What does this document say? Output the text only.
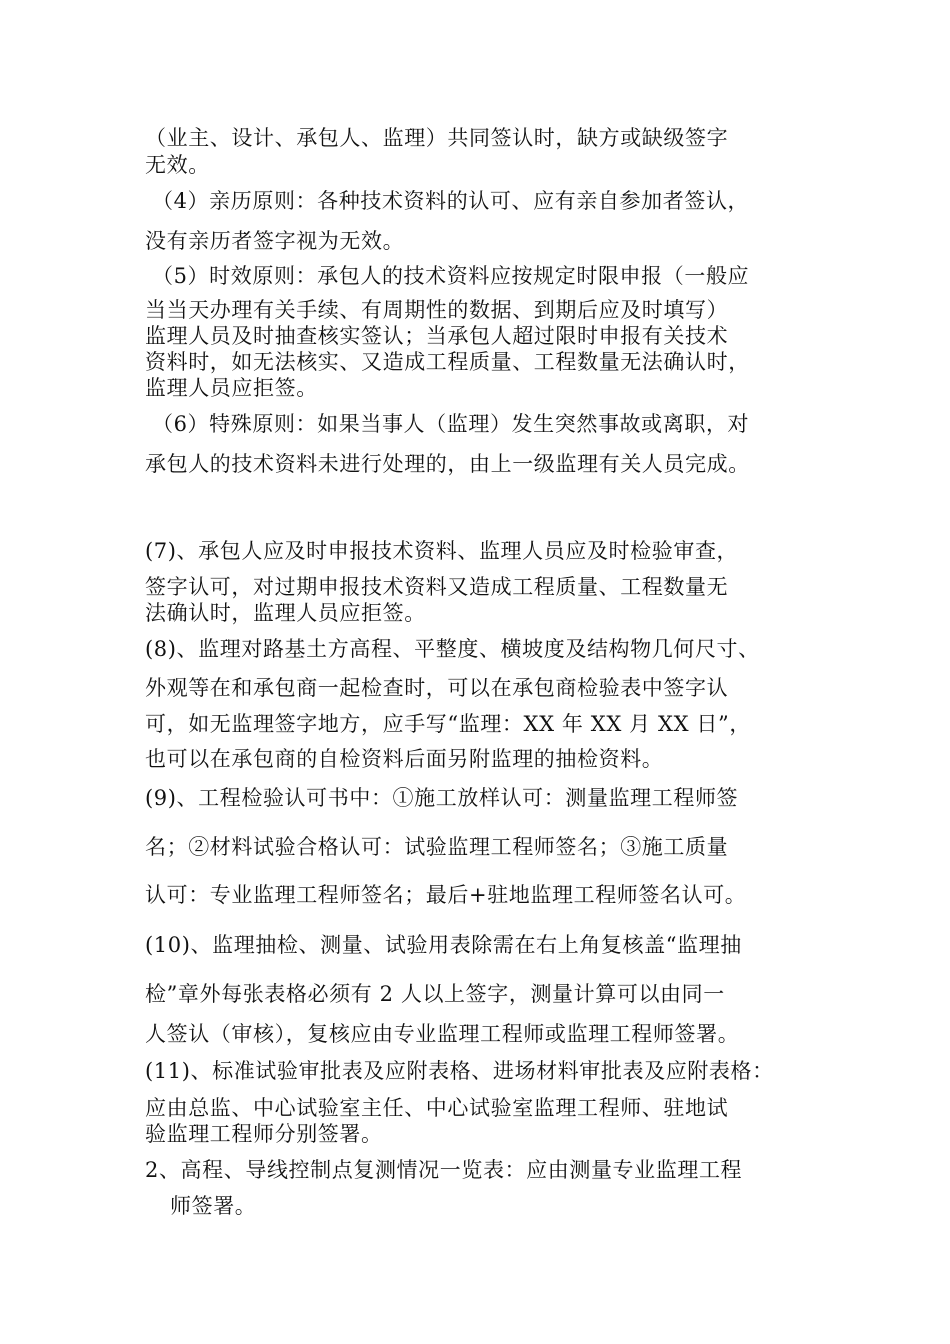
（业主、设计、承包人、监理）共同签认时，缺方或缺级签字
无效。
（4）亲历原则：各种技术资料的认可、应有亲自参加者签认，
没有亲历者签字视为无效。
（5）时效原则：承包人的技术资料应按规定时限申报（一般应
当当天办理有关手续、有周期性的数据、到期后应及时填写）
监理人员及时抽查核实签认；当承包人超过限时申报有关技术
资料时，如无法核实、又造成工程质量、工程数量无法确认时，
监理人员应拒签。
（6）特殊原则：如果当事人（监理）发生突然事故或离职，对
承包人的技术资料未进行处理的，由上一级监理有关人员完成。
(7)、承包人应及时申报技术资料、监理人员应及时检验审查，
签字认可，对过期申报技术资料又造成工程质量、工程数量无
法确认时，监理人员应拒签。
(8)、监理对路基土方高程、平整度、横坡度及结构物几何尺寸、
外观等在和承包商一起检查时，可以在承包商检验表中签字认
可，如无监理签字地方，应手写“监理：XX 年 XX 月 XX 日”，
也可以在承包商的自检资料后面另附监理的抽检资料。
(9)、工程检验认可书中：①施工放样认可：测量监理工程师签
名；②材料试验合格认可：试验监理工程师签名；③施工质量
认可：专业监理工程师签名；最后+驻地监理工程师签名认可。
(10)、监理抽检、测量、试验用表除需在右上角复核盖“监理抽
检”章外每张表格必须有 2 人以上签字，测量计算可以由同一
人签认（审核），复核应由专业监理工程师或监理工程师签署。
(11)、标准试验审批表及应附表格、进场材料审批表及应附表格：
应由总监、中心试验室主任、中心试验室监理工程师、驻地试
验监理工程师分别签署。
2、高程、导线控制点复测情况一览表：应由测量专业监理工程
师签署。
